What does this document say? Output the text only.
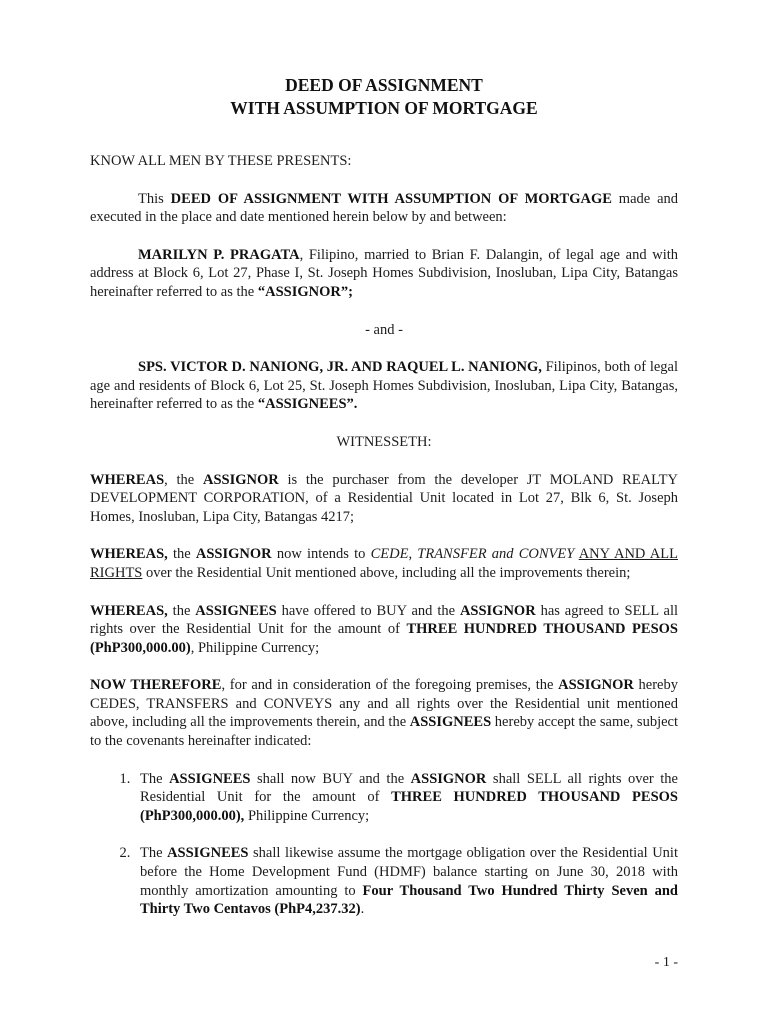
DEED OF ASSIGNMENT

WITH ASSUMPTION OF MORTGAGE

KNOW ALL MEN BY THESE PRESENTS:

This DEED OF ASSIGNMENT WITH ASSUMPTION OF MORTGAGE made and executed in the place and date mentioned herein below by and between:

MARILYN P. PRAGATA, Filipino, married to Brian F. Dalangin, of legal age and with address at Block 6, Lot 27, Phase I, St. Joseph Homes Subdivision, Inosluban, Lipa City, Batangas hereinafter referred to as the “ASSIGNOR”;

- and -

SPS. VICTOR D. NANIONG, JR. AND RAQUEL L. NANIONG, Filipinos, both of legal age and residents of Block 6, Lot 25, St. Joseph Homes Subdivision, Inosluban, Lipa City, Batangas, hereinafter referred to as the “ASSIGNEES”.

WITNESSETH:

WHEREAS, the ASSIGNOR is the purchaser from the developer JT MOLAND REALTY DEVELOPMENT CORPORATION, of a Residential Unit located in Lot 27, Blk 6, St. Joseph Homes, Inosluban, Lipa City, Batangas 4217;

WHEREAS, the ASSIGNOR now intends to CEDE, TRANSFER and CONVEY ANY AND ALL RIGHTS over the Residential Unit mentioned above, including all the improvements therein;

WHEREAS, the ASSIGNEES have offered to BUY and the ASSIGNOR has agreed to SELL all rights over the Residential Unit for the amount of THREE HUNDRED THOUSAND PESOS (PhP300,000.00), Philippine Currency;

NOW THEREFORE, for and in consideration of the foregoing premises, the ASSIGNOR hereby CEDES, TRANSFERS and CONVEYS any and all rights over the Residential unit mentioned above, including all the improvements therein, and the ASSIGNEES hereby accept the same, subject to the covenants hereinafter indicated:

1. The ASSIGNEES shall now BUY and the ASSIGNOR shall SELL all rights over the Residential Unit for the amount of THREE HUNDRED THOUSAND PESOS (PhP300,000.00), Philippine Currency;
2. The ASSIGNEES shall likewise assume the mortgage obligation over the Residential Unit before the Home Development Fund (HDMF) balance starting on June 30, 2018 with monthly amortization amounting to Four Thousand Two Hundred Thirty Seven and Thirty Two Centavos (PhP4,237.32).
- 1 -
